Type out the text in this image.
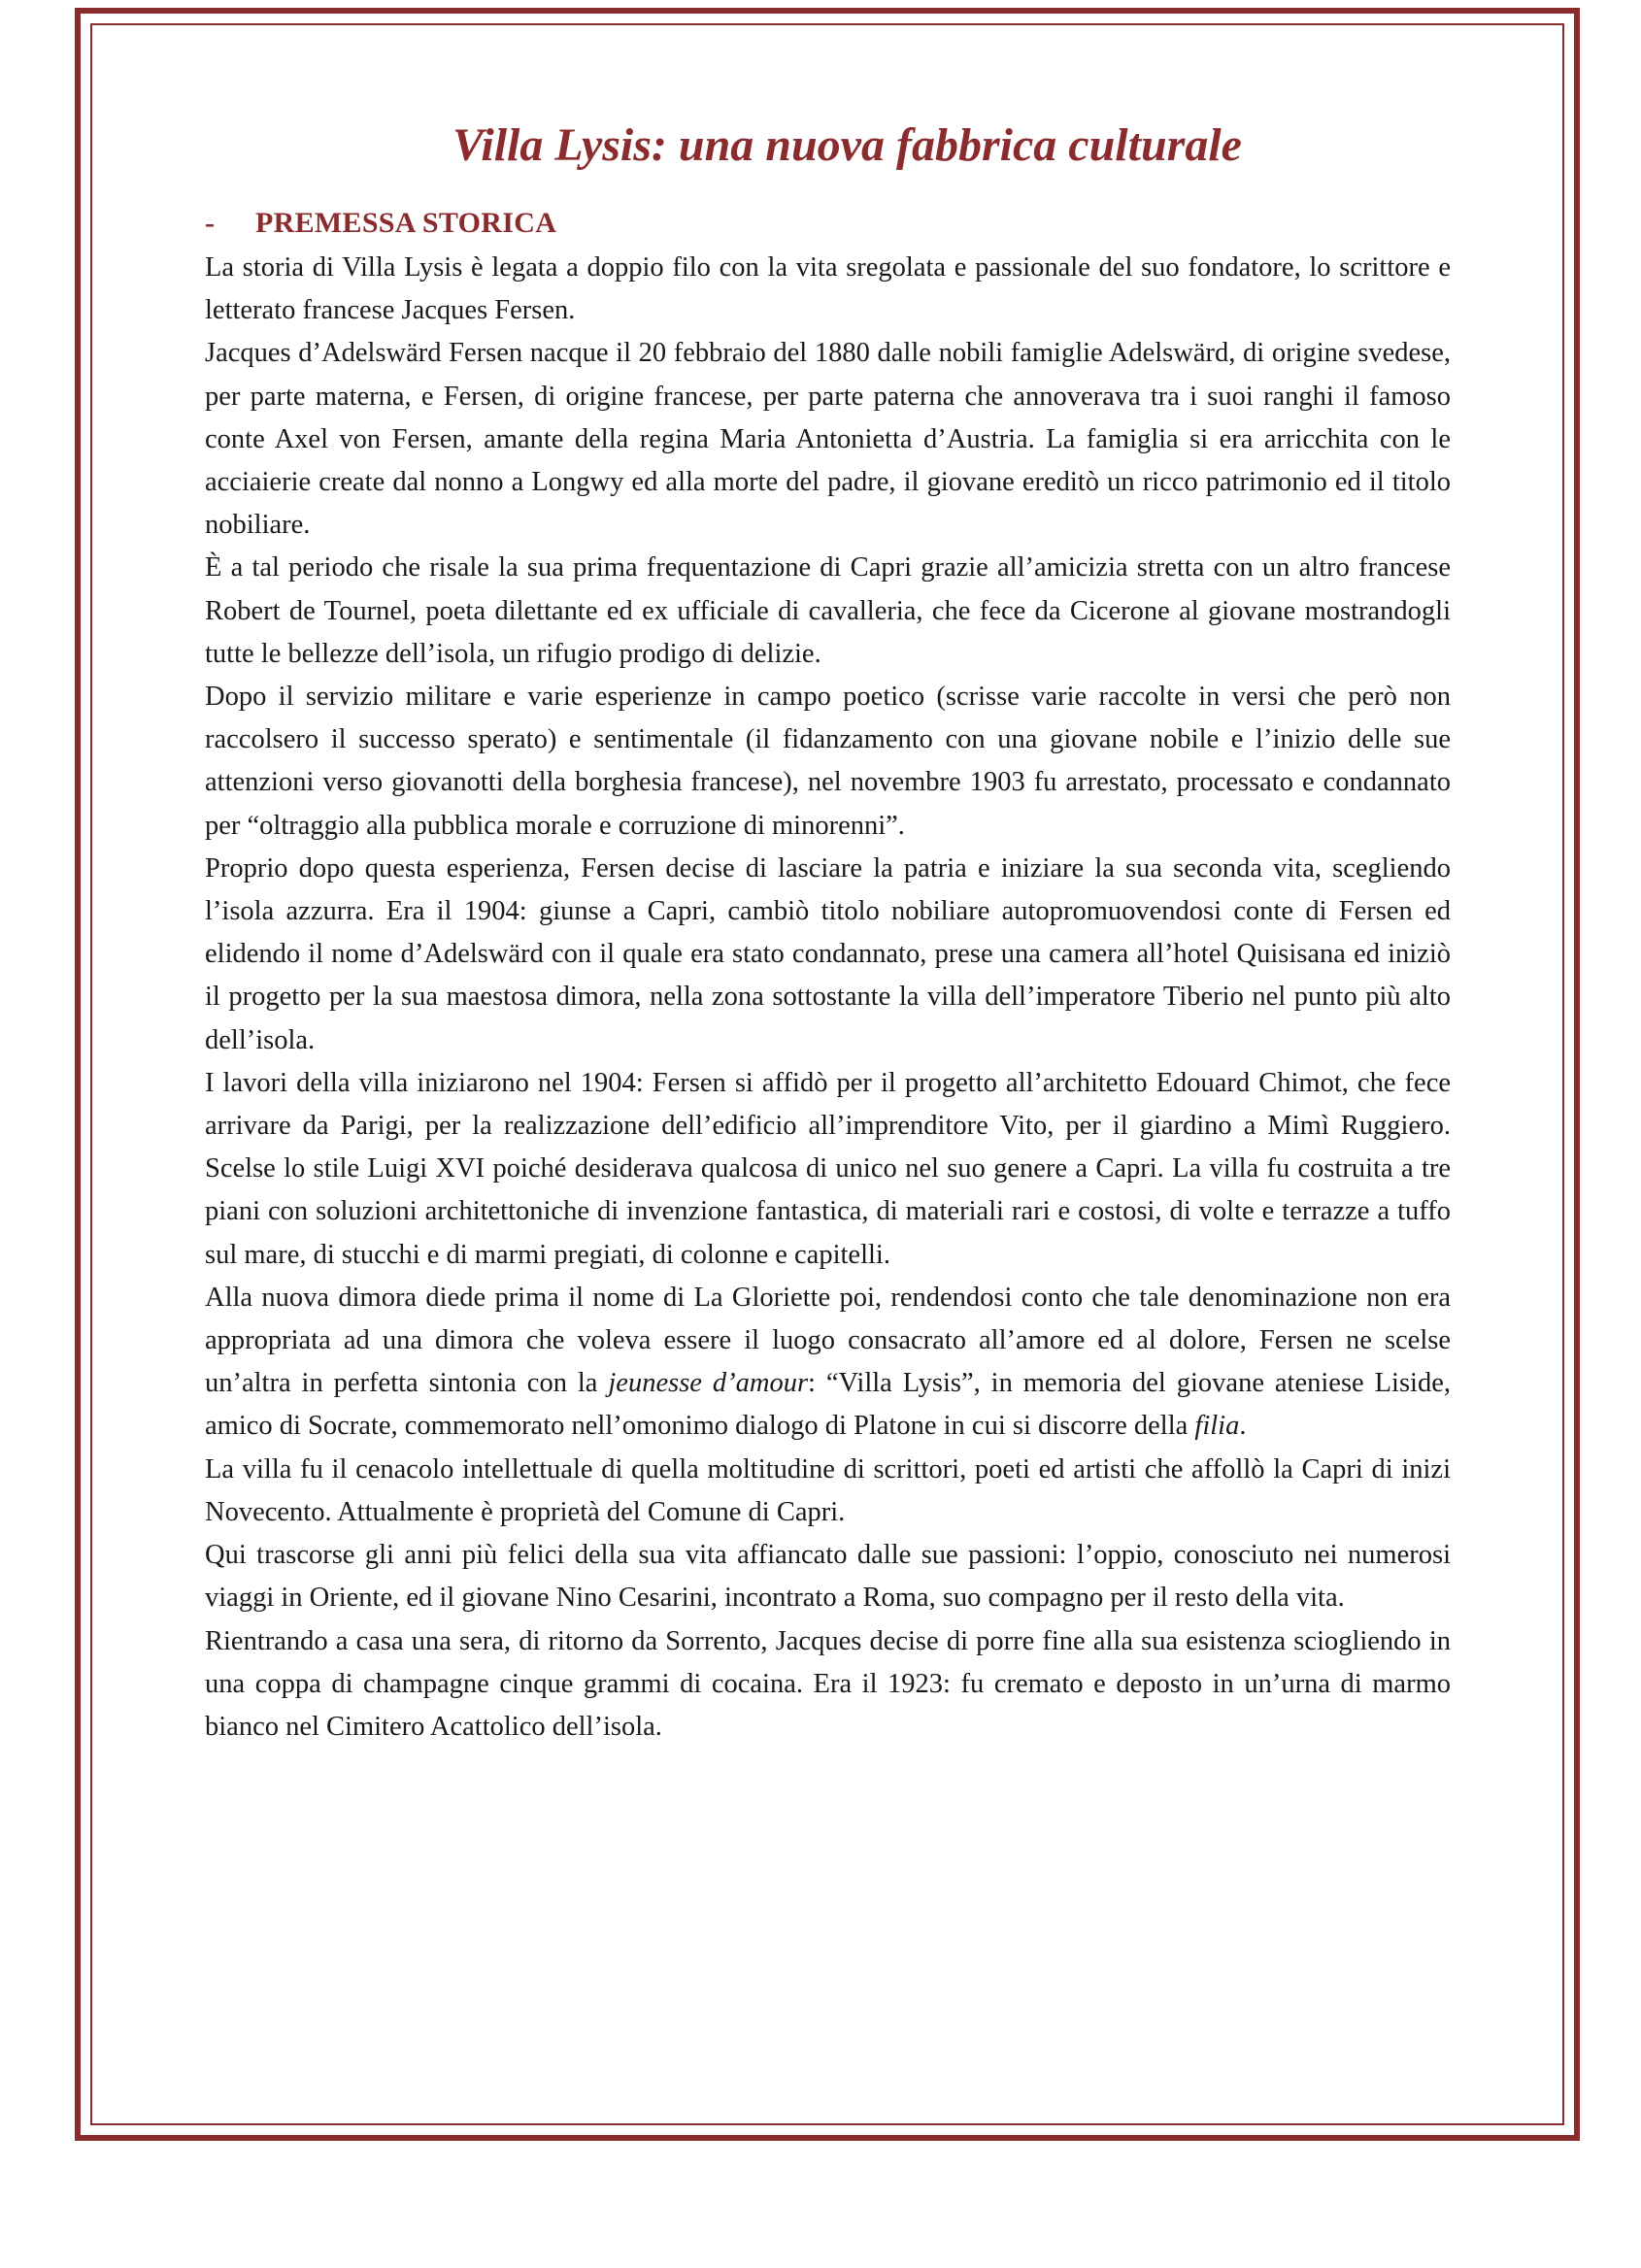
Villa Lysis: una nuova fabbrica culturale
- PREMESSA STORICA

La storia di Villa Lysis è legata a doppio filo con la vita sregolata e passionale del suo fondatore, lo scrittore e letterato francese Jacques Fersen.

Jacques d’Adelswärd Fersen nacque il 20 febbraio del 1880 dalle nobili famiglie Adelswärd, di origine svedese, per parte materna, e Fersen, di origine francese, per parte paterna che annoverava tra i suoi ranghi il famoso conte Axel von Fersen, amante della regina Maria Antonietta d’Austria. La famiglia si era arricchita con le acciaierie create dal nonno a Longwy ed alla morte del padre, il giovane ereditò un ricco patrimonio ed il titolo nobiliare.

È a tal periodo che risale la sua prima frequentazione di Capri grazie all’amicizia stretta con un altro francese Robert de Tournel, poeta dilettante ed ex ufficiale di cavalleria, che fece da Cicerone al giovane mostrandogli tutte le bellezze dell’isola, un rifugio prodigo di delizie.

Dopo il servizio militare e varie esperienze in campo poetico (scrisse varie raccolte in versi che però non raccolsero il successo sperato) e sentimentale (il fidanzamento con una giovane nobile e l’inizio delle sue attenzioni verso giovanotti della borghesia francese), nel novembre 1903 fu arrestato, processato e condannato per “oltraggio alla pubblica morale e corruzione di minorenni”.

Proprio dopo questa esperienza, Fersen decise di lasciare la patria e iniziare la sua seconda vita, scegliendo l’isola azzurra. Era il 1904: giunse a Capri, cambiò titolo nobiliare autopromuovendosi conte di Fersen ed elidendo il nome d’Adelswärd con il quale era stato condannato, prese una camera all’hotel Quisisana ed iniziò il progetto per la sua maestosa dimora, nella zona sottostante la villa dell’imperatore Tiberio nel punto più alto dell’isola.

I lavori della villa iniziarono nel 1904: Fersen si affidò per il progetto all’architetto Edouard Chimot, che fece arrivare da Parigi, per la realizzazione dell’edificio all’imprenditore Vito, per il giardino a Mimì Ruggiero. Scelse lo stile Luigi XVI poiché desiderava qualcosa di unico nel suo genere a Capri. La villa fu costruita a tre piani con soluzioni architettoniche di invenzione fantastica, di materiali rari e costosi, di volte e terrazze a tuffo sul mare, di stucchi e di marmi pregiati, di colonne e capitelli.

Alla nuova dimora diede prima il nome di La Gloriette poi, rendendosi conto che tale denominazione non era appropriata ad una dimora che voleva essere il luogo consacrato all’amore ed al dolore, Fersen ne scelse un’altra in perfetta sintonia con la jeunesse d’amour: “Villa Lysis”, in memoria del giovane ateniese Liside, amico di Socrate, commemorato nell’omonimo dialogo di Platone in cui si discorre della filia.

La villa fu il cenacolo intellettuale di quella moltitudine di scrittori, poeti ed artisti che affollò la Capri di inizi Novecento. Attualmente è proprietà del Comune di Capri.

Qui trascorse gli anni più felici della sua vita affiancato dalle sue passioni: l’oppio, conosciuto nei numerosi viaggi in Oriente, ed il giovane Nino Cesarini, incontrato a Roma, suo compagno per il resto della vita.

Rientrando a casa una sera, di ritorno da Sorrento, Jacques decise di porre fine alla sua esistenza sciogliendo in una coppa di champagne cinque grammi di cocaina. Era il 1923: fu cremato e deposto in un’urna di marmo bianco nel Cimitero Acattolico dell’isola.
